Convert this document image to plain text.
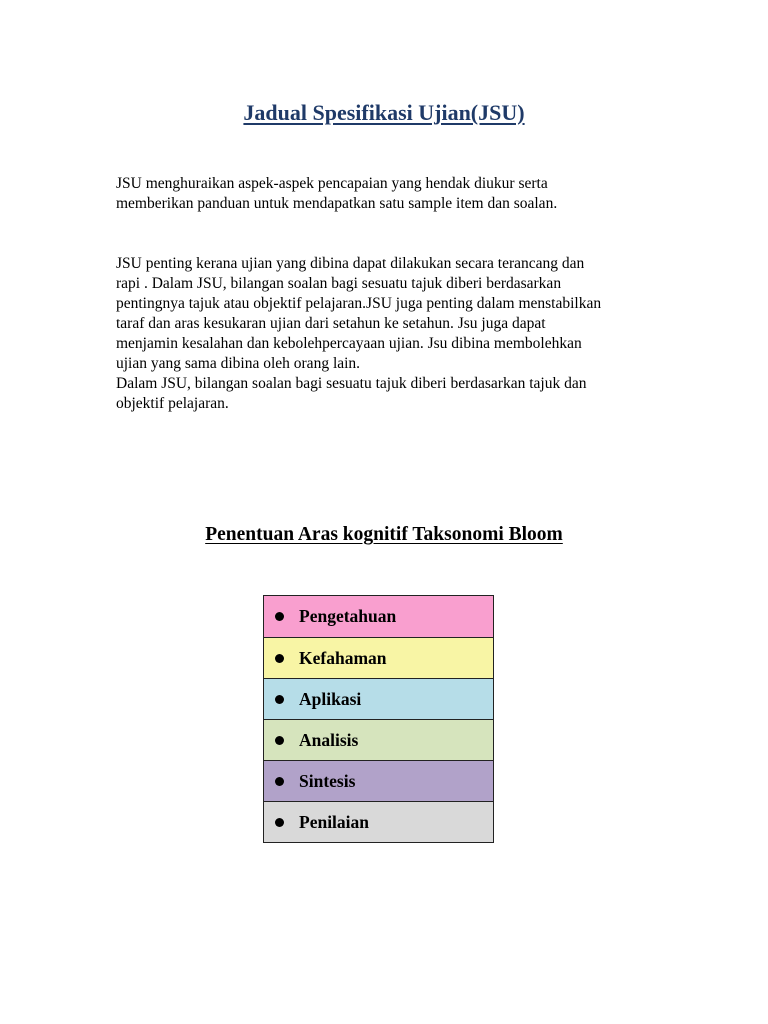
Jadual Spesifikasi Ujian(JSU)

JSU menghuraikan aspek-aspek pencapaian yang hendak diukur serta
memberikan panduan untuk mendapatkan satu sample item dan soalan.

JSU penting kerana ujian yang dibina dapat dilakukan secara terancang dan
rapi . Dalam JSU, bilangan soalan bagi sesuatu tajuk diberi berdasarkan
pentingnya tajuk atau objektif pelajaran.JSU juga penting dalam menstabilkan
taraf dan aras kesukaran ujian dari setahun ke setahun. Jsu juga dapat
menjamin kesalahan dan kebolehpercayaan ujian. Jsu dibina membolehkan
ujian yang sama dibina oleh orang lain.
Dalam JSU, bilangan soalan bagi sesuatu tajuk diberi berdasarkan tajuk dan
objektif pelajaran.

Penentuan Aras kognitif Taksonomi Bloom
Pengetahuan
Kefahaman
Aplikasi
Analisis
Sintesis
Penilaian
